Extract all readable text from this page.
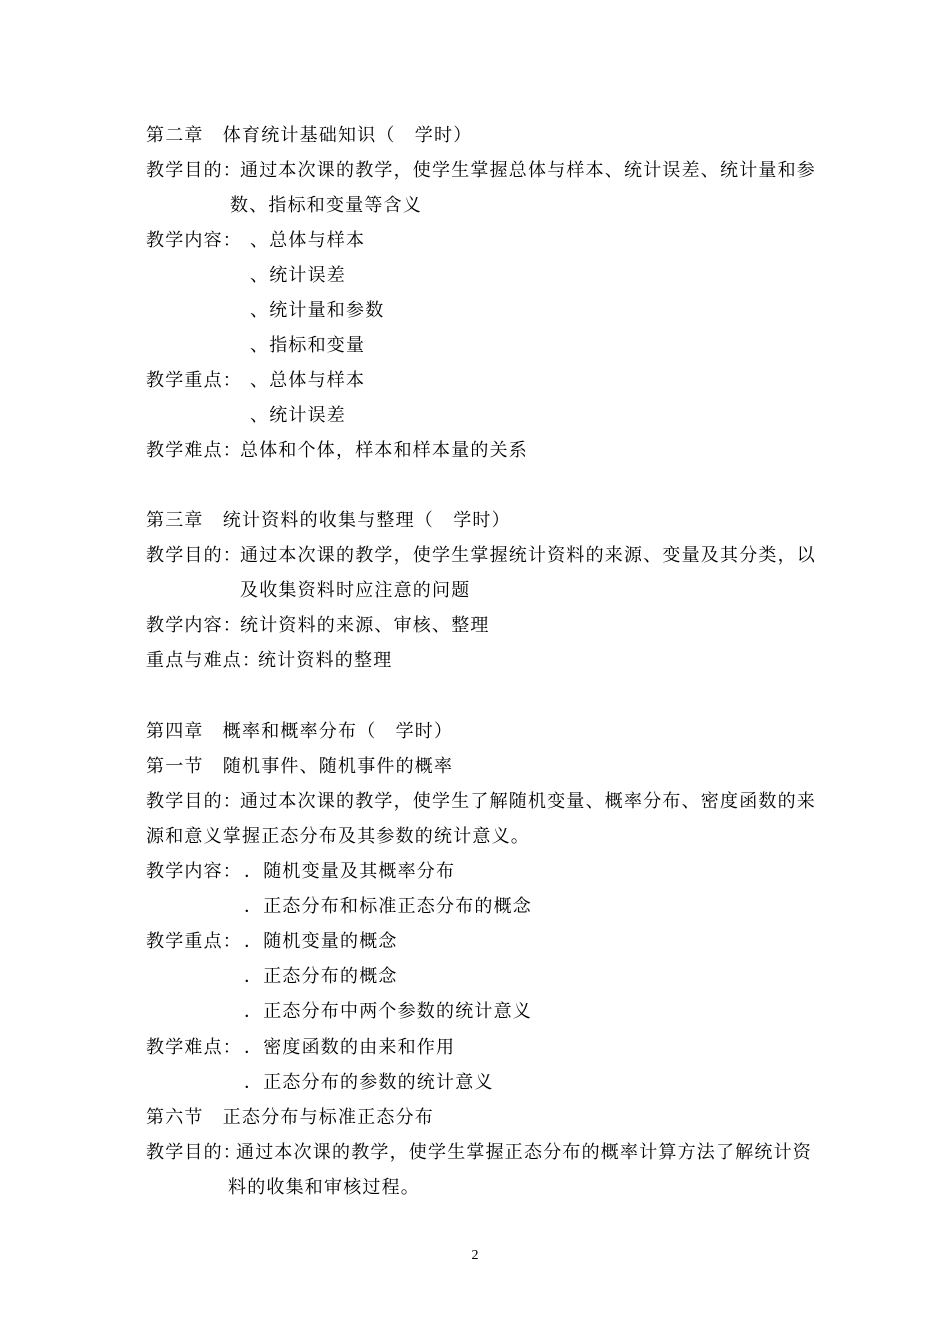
第二章　体育统计基础知识（　学时）
教学目的：
通过本次课的教学，使学生掌握总体与样本、统计误差、统计量和参
数、指标和变量等含义
教学内容： 、总体与样本
、统计误差
、统计量和参数
、指标和变量
教学重点： 、总体与样本
、统计误差
教学难点：
总体和个体，样本和样本量的关系
第三章　统计资料的收集与整理（　学时）
教学目的：
通过本次课的教学，使学生掌握统计资料的来源、变量及其分类，以
及收集资料时应注意的问题
教学内容：
统计资料的来源、审核、整理
重点与难点：
统计资料的整理
第四章　概率和概率分布（　学时）
第一节　随机事件、随机事件的概率
教学目的：
通过本次课的教学，使学生了解随机变量、概率分布、密度函数的来
源和意义掌握正态分布及其参数的统计意义。
教学内容： ．随机变量及其概率分布
．正态分布和标准正态分布的概念
教学重点： ．随机变量的概念
．正态分布的概念
．正态分布中两个参数的统计意义
教学难点： ．密度函数的由来和作用
．正态分布的参数的统计意义
第六节　正态分布与标准正态分布
教学目的：
通过本次课的教学，使学生掌握正态分布的概率计算方法了解统计资
料的收集和审核过程。
2
